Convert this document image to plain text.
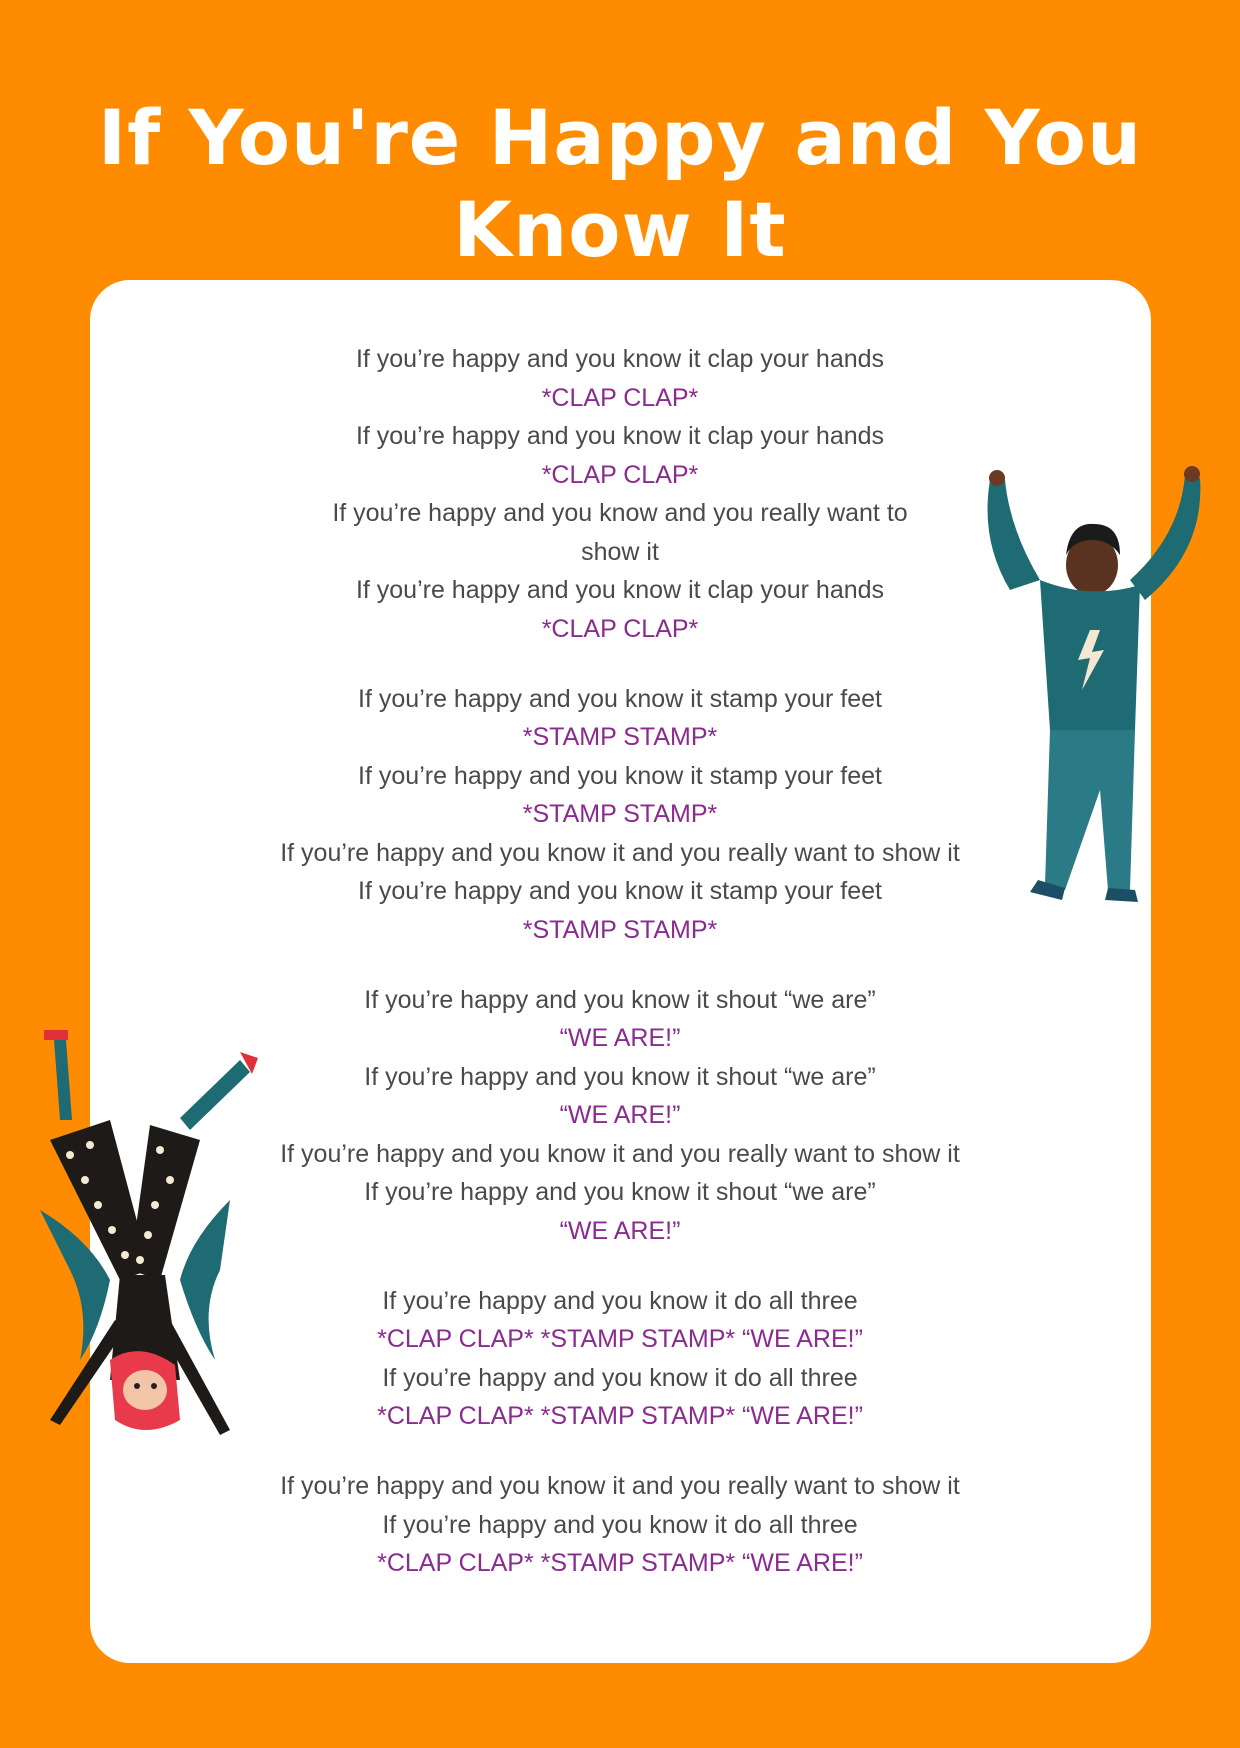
If You're Happy and You
Know It
If you’re happy and you know it clap your hands
*CLAP CLAP*
If you’re happy and you know it clap your hands
*CLAP CLAP*
If you’re happy and you know and you really want to
show it
If you’re happy and you know it clap your hands
*CLAP CLAP*
If you’re happy and you know it stamp your feet
*STAMP STAMP*
If you’re happy and you know it stamp your feet
*STAMP STAMP*
If you’re happy and you know it and you really want to show it
If you’re happy and you know it stamp your feet
*STAMP STAMP*
If you’re happy and you know it shout “we are”
“WE ARE!”
If you’re happy and you know it shout “we are”
“WE ARE!”
If you’re happy and you know it and you really want to show it
If you’re happy and you know it shout “we are”
“WE ARE!”
If you’re happy and you know it do all three
*CLAP CLAP* *STAMP STAMP* “WE ARE!”
If you’re happy and you know it do all three
*CLAP CLAP* *STAMP STAMP* “WE ARE!”
If you’re happy and you know it and you really want to show it
If you’re happy and you know it do all three
*CLAP CLAP* *STAMP STAMP* “WE ARE!”
